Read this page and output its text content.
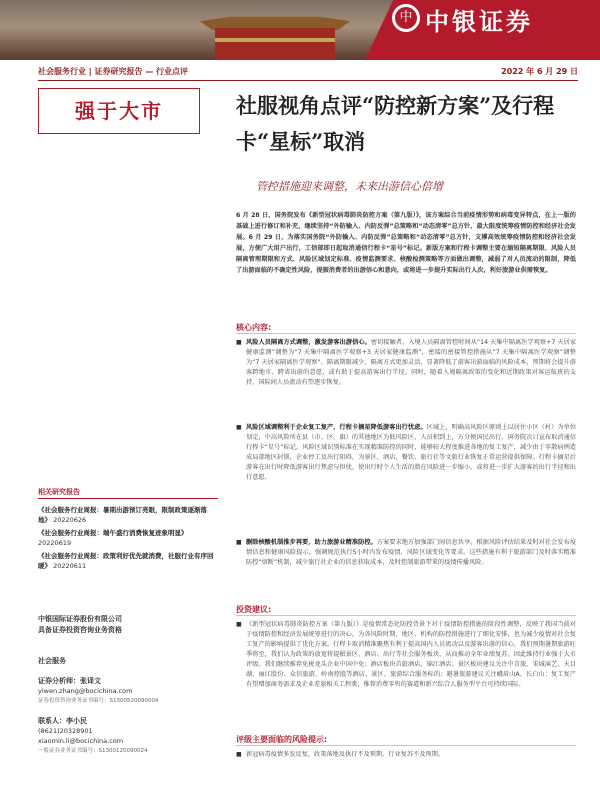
中 中银证券
社会服务行业 | 证券研究报告 — 行业点评	2022 年 6 月 29 日
强于大市	社服视角点评“防控新方案”及行程卡“星标”取消
管控措施迎来调整，未来出游信心倍增
6 月 28 日，国务院发布《新型冠状病毒肺炎防控方案（第九版）》，该方案综合当前疫情形势和病毒变异特点，在上一版的基础上进行修订和补充，继续坚持“外防输入、内防反弹”总策略和“动态清零”总方针，最大限度统筹疫情防控和经济社会发展。6 月 29 日，为落实国务院“外防输入、内防反弹”总策略和“动态清零”总方针，支撑高效统筹疫情防控和经济社会发展，方便广大用户出行，工信部即日起取消通信行程卡“星号”标记。新版方案和行程卡调整主要在缩短隔离期限、风险人员隔离管理期限和方式、风险区域划定标准、疫情监测要求、核酸检测策略等方面做出调整，减弱了对人员流动的限制，降低了出游面临的不确定性风险，提振消费者的出游信心和意向，或将进一步提升实际出行人次，利好旅游业供需恢复。
核心内容:
■ 风险人员隔离方式调整，激发游客出游信心。密切接触者、入境人员隔离管控时间从“14 天集中隔离医学观察+7 天居家健康监测”调整为“7 天集中隔离医学观察+3 天居家健康监测”，密接的密接管控措施从“7 天集中隔离医学观察”调整为“7 天居家隔离医学观察”。隔离期限减少，隔离方式更加灵活，显著降低了游客出游面临的风险成本，预期将会提升游客跨地市、跨省出游的意愿，或有助于提高游客出行半径。同时，随着入境隔离政策的变化和近期政策对客运航班的支持，国际间人员流动有望逐步恢复。
■ 风险区域调整利于企业复工复产，行程卡摘星降低游客出行忧虑。区域上，明确高风险区原则上以居住小区（村）为单位划定，中高风险所在县（市、区、旗）的其他地区为低风险区，人员积到上，方分便国民出行，国务院次日宣布取消通信行程卡“星号”标记。风险区域识别标准在实现精准防控的同时，能够较大程度推进各地的复工复产，减少由于零散病例造成局部地区封锁，企业停工及出行阻碍，为景区、酒店、餐饮、旅行社等文旅行业恢复正常运营提供保障。行程卡摘星后游客在出行时降低游客出行焦虑与担忧，使出行时个人生活的潜在风险进一步缩小，或将进一步扩大游客的出行半径和出行意愿。
■ 删除核酸机制推步再要，助力旅游业精准防控。方案要求地方加强部门间信息共享，根据风险评估结果及时对社会发布疫情信息和健康风险提示，强调规范执行5小时内发布疫情、风险区域变化等要求。这些措施有利于旅游部门及时落实精准防控“熔断”机制，减少旅行社企业的信息获取成本，及时控制旅游带来的疫情传播风险。
投资建议:
■ 《新型冠状病毒肺炎防控方案（第九版）》是疫情常态化防控背景下对于疫情防控措施的阶段性调整，反映了我国当前对于疫情防控和经济发展统筹进行的决心，为各风险时期、地区、机构的防控措施进行了细化安排，也为减少疫情对社会复工复产的影响提供了优化方案。行程卡取消精准聚焦有利于提高国内人员流动以及游客出游的信心，我们预期暑期旅游旺季将至，我们认为政策的放宽将提振景区、酒店、出行等社会服务板块，从而推动全年业绩复苏。因此维持行业强于大市评级。我们继续推荐免税龙头企业中国中免；酒店板块首旅酒店、锦江酒店；景区板块建议关注中青旅、宋城演艺、天目湖、丽江股份、众信旅游、岭南控股等酒店、景区、旅游综合服务标的；避暑旅游建议关注峨眉山A、长白山；复工复产有望增加商务需求及企业差旅相关工程类，推荐消费零售的赛道和新兴综合人服务型平台可持续国际。
评级主要面临的风险提示:
■ 新冠病毒疫情多发反复，政策落地及执行不及预期，行业复苏不及预期。
相关研究报告
《社会服务行业周报：暑期出游预订亮眼，限制政策逐渐落地》 20220626
《社会服务行业周报：端午盛行消费恢复迹象明显》 20220619
《社会服务行业周报：政策利好优先就消费，社服行业有序回暖》 20220611
中银国际证券股份有限公司
具备证券投资咨询业务资格
社会服务
证券分析师：张译文
yiwen.zhang@bocichina.com
证券投资咨询业务证书编号：S1300520090004
联系人：李小民
(8621)20328901
xiaomin.li@bocichina.com
一般证券业务证书编号：S1300120090024
